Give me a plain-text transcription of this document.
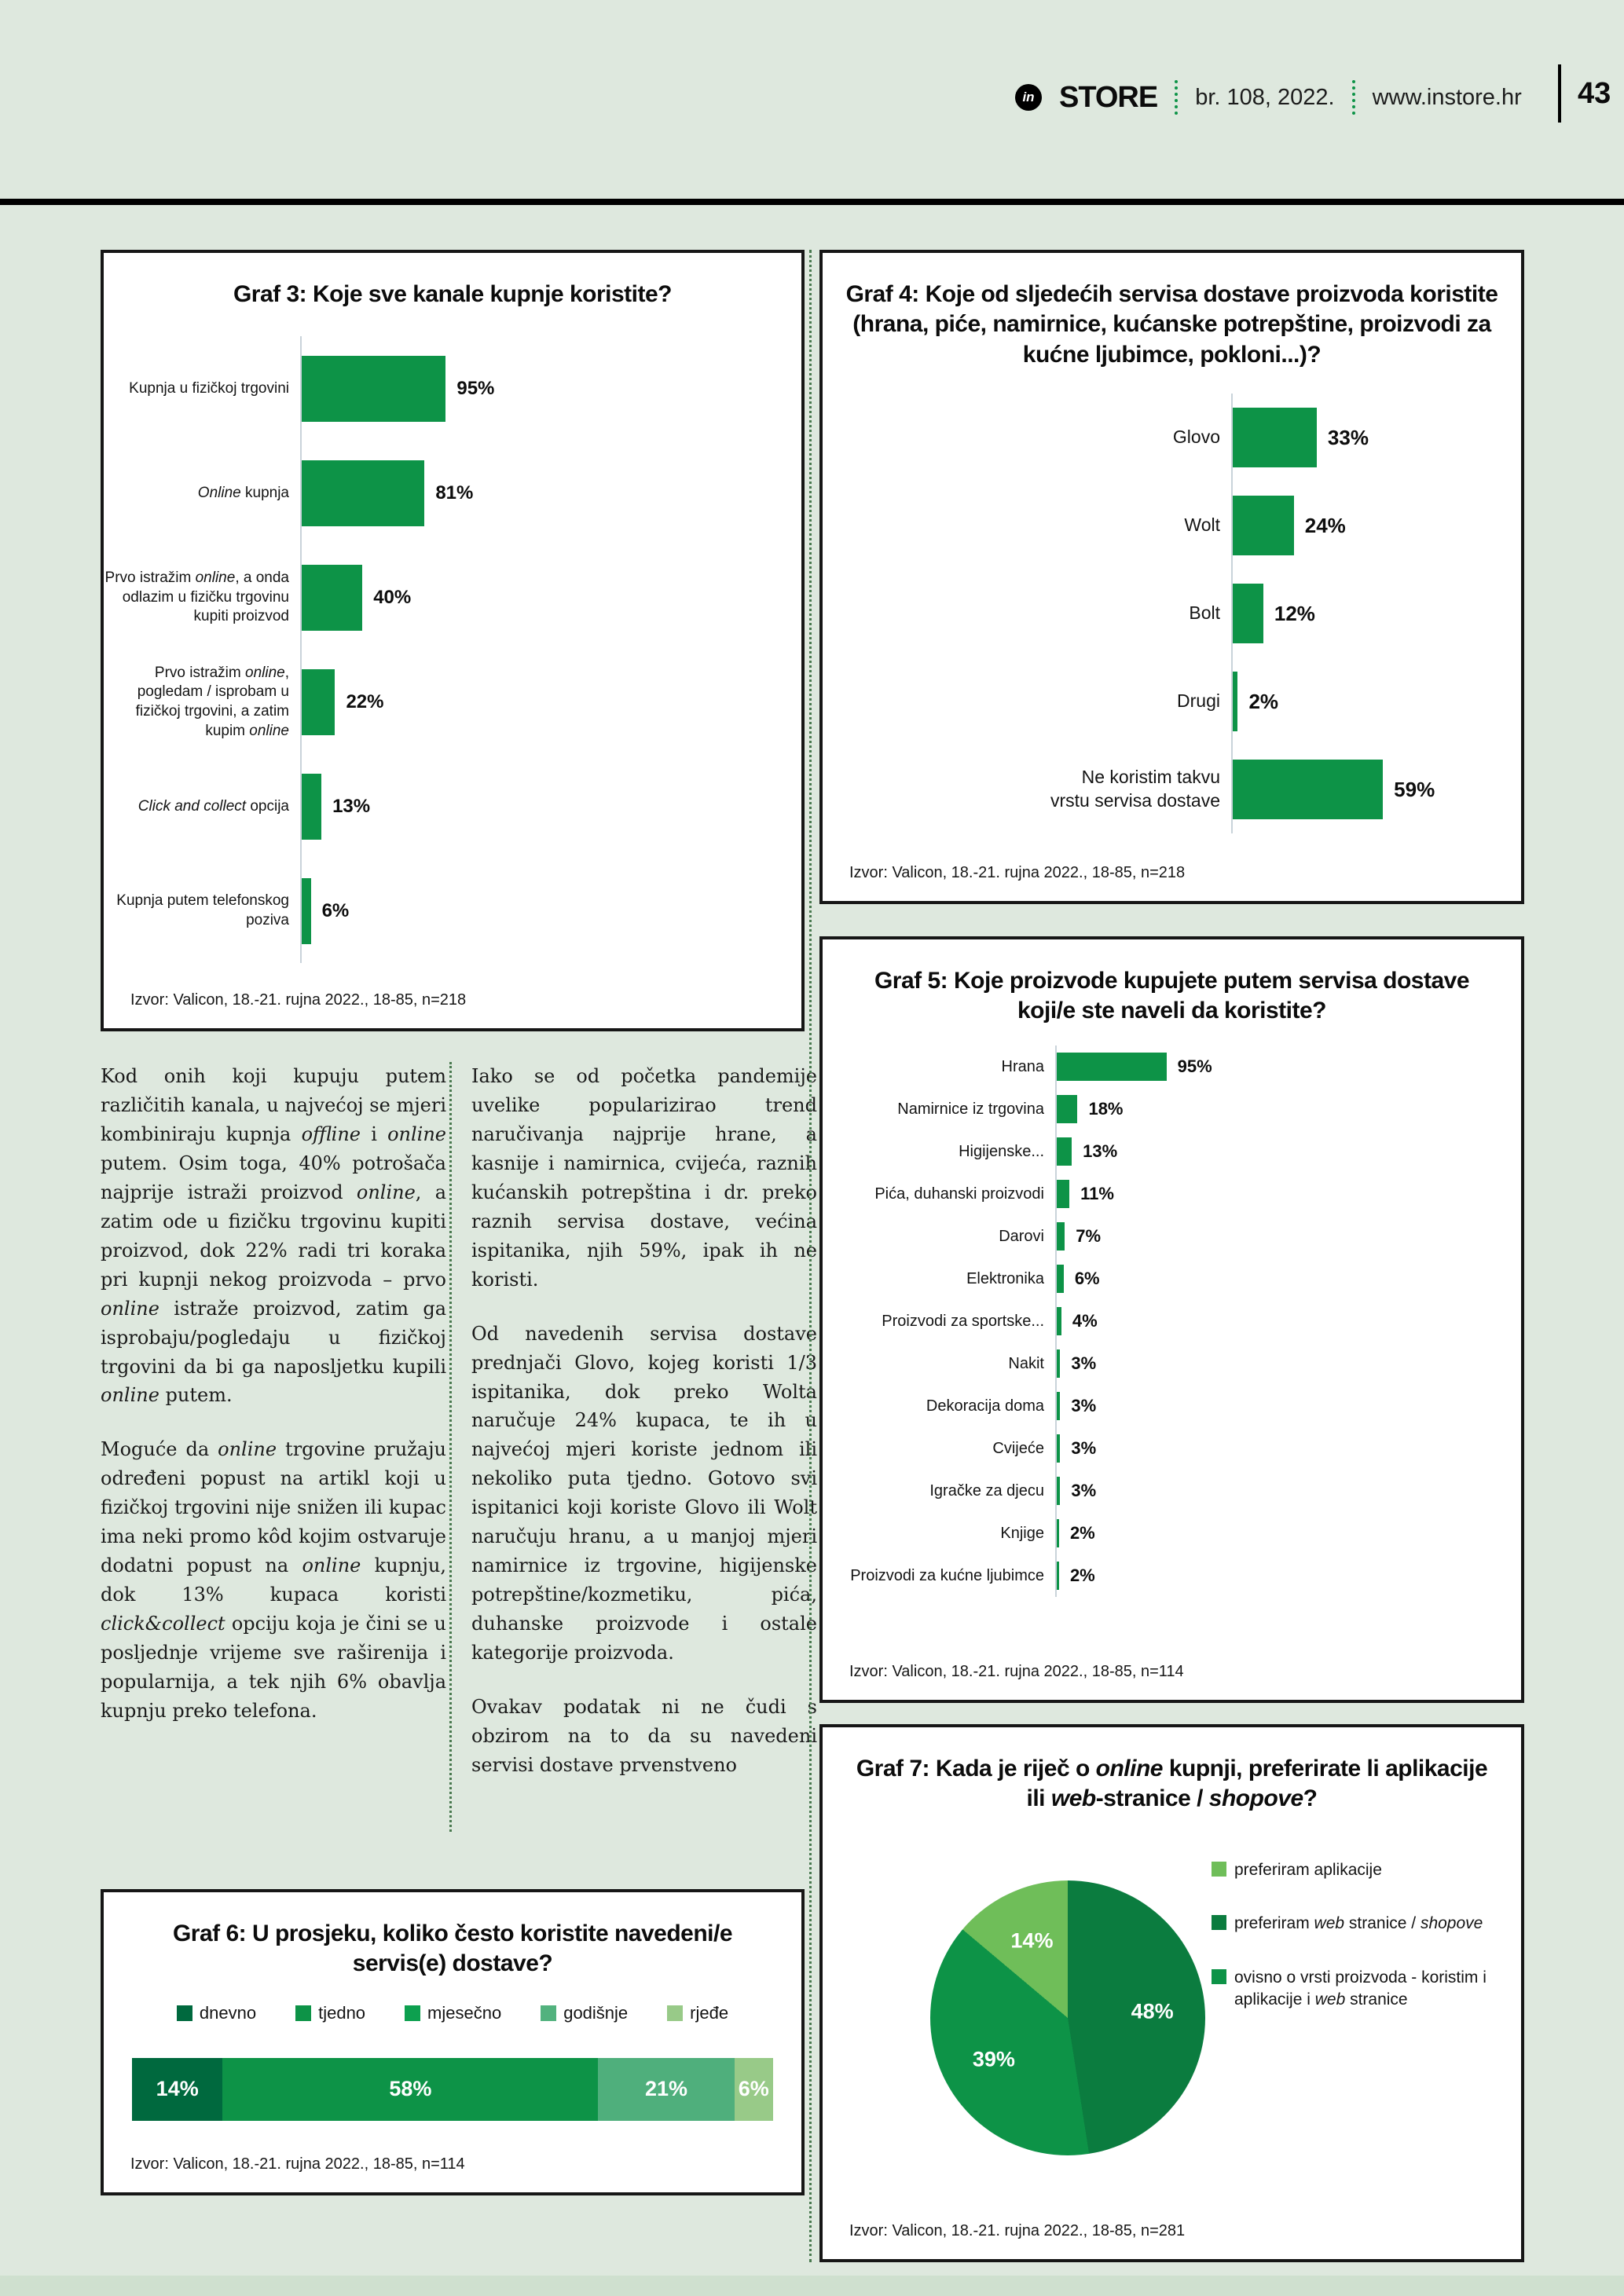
in STORE br. 108, 2022. www.instore.hr 43
Graf 3: Koje sve kanale kupnje koristite?
Kupnja u fizičkoj trgovini	95%
Online kupnja	81%
Prvo istražim online, a onda
odlazim u fizičku trgovinu
kupiti proizvod
40%
Prvo istražim online,
pogledam / isprobam u
fizičkoj trgovini, a zatim
kupim online
22%
Click and collect opcija	13%
Kupnja putem telefonskog
poziva	6%
Izvor: Valicon, 18.-21. rujna 2022., 18-85, n=218
Graf 4: Koje od sljedećih servisa dostave proizvoda koristite (hrana, piće, namirnice, kućanske potrepštine, proizvodi za kućne ljubimce, pokloni...)?
Glovo	33%
Wolt	24%
Bolt	12%
Drugi	2%
Ne koristim takvu
vrstu servisa dostave	59%
Izvor: Valicon, 18.-21. rujna 2022., 18-85, n=218
Graf 5: Koje proizvode kupujete putem servisa dostave koji/e ste naveli da koristite?
Hrana	95%
Namirnice iz trgovina	18%
Higijenske...	13%
Pića, duhanski proizvodi	11%
Darovi	7%
Elektronika	6%
Proizvodi za sportske...	4%
Nakit	3%
Dekoracija doma	3%
Cvijeće	3%
Igračke za djecu	3%
Knjige	2%
Proizvodi za kućne ljubimce	2%
Izvor: Valicon, 18.-21. rujna 2022., 18-85, n=114

Kod onih koji kupuju putem različitih kanala, u najvećoj se mjeri kombiniraju kupnja offline i online putem. Osim toga, 40% potrošača najprije istraži proizvod online, a zatim ode u fizičku trgovinu kupiti proizvod, dok 22% radi tri koraka pri kupnji nekog proizvoda – prvo online istraže proizvod, zatim ga isprobaju/pogledaju u fizičkoj trgovini da bi ga naposljetku kupili online putem.

Moguće da online trgovine pružaju određeni popust na artikl koji u fizičkoj trgovini nije snižen ili kupac ima neki promo kôd kojim ostvaruje dodatni popust na online kupnju, dok 13% kupaca koristi click&collect opciju koja je čini se u posljednje vrijeme sve raširenija i popularnija, a tek njih 6% obavlja kupnju preko telefona.

Iako se od početka pandemije uvelike popularizirao trend naručivanja najprije hrane, a kasnije i namirnica, cvijeća, raznih kućanskih potrepština i dr. preko raznih servisa dostave, većina ispitanika, njih 59%, ipak ih ne koristi.

Od navedenih servisa dostave prednjači Glovo, kojeg koristi 1/3 ispitanika, dok preko Wolta naručuje 24% kupaca, te ih u najvećoj mjeri koriste jednom ili nekoliko puta tjedno. Gotovo svi ispitanici koji koriste Glovo ili Wolt naručuju hranu, a u manjoj mjeri namirnice iz trgovine, higijenske potrepštine/kozmetiku, pića, duhanske proizvode i ostale kategorije proizvoda.

Ovakav podatak ni ne čudi s obzirom na to da su navedeni servisi dostave prvenstveno

Graf 6: U prosjeku, koliko često koristite navedeni/e servis(e) dostave?
dnevno	tjedno	mjesečno	godišnje	rjeđe
14%	58%	21%	6%
Izvor: Valicon, 18.-21. rujna 2022., 18-85, n=114
Graf 7: Kada je riječ o online kupnji, preferirate li aplikacije ili web-stranice / shopove?
48%
39%
14%
preferiram aplikacije
preferiram web stranice / shopove
ovisno o vrsti proizvoda - koristim i aplikacije i web stranice
Izvor: Valicon, 18.-21. rujna 2022., 18-85, n=281
